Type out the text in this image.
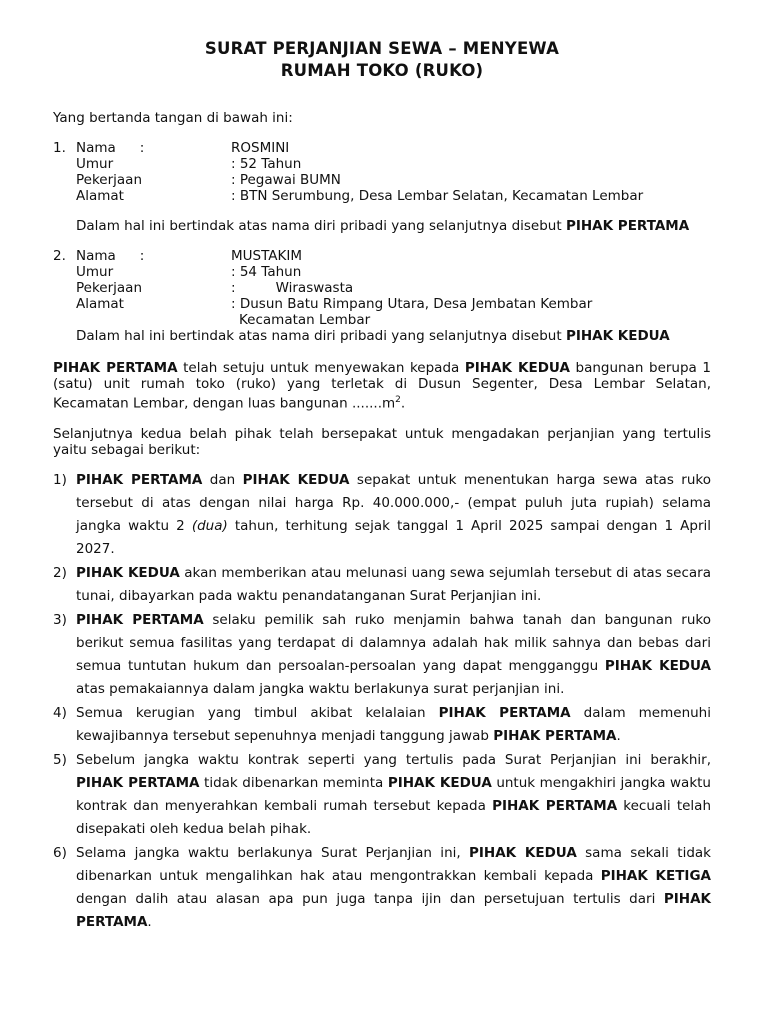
SURAT PERJANJIAN SEWA – MENYEWA
RUMAH TOKO (RUKO)

Yang bertanda tangan di bawah ini:

1. Nama :	ROSMINI
Umur	: 52 Tahun
Pekerjaan	: Pegawai BUMN
Alamat	: BTN Serumbung, Desa Lembar Selatan, Kecamatan Lembar

Dalam hal ini bertindak atas nama diri pribadi yang selanjutnya disebut PIHAK PERTAMA

2. Nama :	MUSTAKIM
Umur	: 54 Tahun
Pekerjaan	:	Wiraswasta
Alamat	: Dusun Batu Rimpang Utara, Desa Jembatan Kembar
Kecamatan Lembar

Dalam hal ini bertindak atas nama diri pribadi yang selanjutnya disebut PIHAK KEDUA

PIHAK PERTAMA telah setuju untuk menyewakan kepada PIHAK KEDUA bangunan berupa 1 (satu) unit rumah toko (ruko) yang terletak di Dusun Segenter, Desa Lembar Selatan, Kecamatan Lembar, dengan luas bangunan $.......m^2$.

Selanjutnya kedua belah pihak telah bersepakat untuk mengadakan perjanjian yang tertulis yaitu sebagai berikut:

1) PIHAK PERTAMA dan PIHAK KEDUA sepakat untuk menentukan harga sewa atas ruko tersebut di atas dengan nilai harga Rp. 40.000.000,- (empat puluh juta rupiah) selama jangka waktu 2 (dua) tahun, terhitung sejak tanggal 1 April 2025 sampai dengan 1 April 2027.
2) PIHAK KEDUA akan memberikan atau melunasi uang sewa sejumlah tersebut di atas secara tunai, dibayarkan pada waktu penandatanganan Surat Perjanjian ini.
3) PIHAK PERTAMA selaku pemilik sah ruko menjamin bahwa tanah dan bangunan ruko berikut semua fasilitas yang terdapat di dalamnya adalah hak milik sahnya dan bebas dari semua tuntutan hukum dan persoalan-persoalan yang dapat mengganggu PIHAK KEDUA atas pemakaiannya dalam jangka waktu berlakunya surat perjanjian ini.
4) Semua kerugian yang timbul akibat kelalaian PIHAK PERTAMA dalam memenuhi kewajibannya tersebut sepenuhnya menjadi tanggung jawab PIHAK PERTAMA.
5) Sebelum jangka waktu kontrak seperti yang tertulis pada Surat Perjanjian ini berakhir, PIHAK PERTAMA tidak dibenarkan meminta PIHAK KEDUA untuk mengakhiri jangka waktu kontrak dan menyerahkan kembali rumah tersebut kepada PIHAK PERTAMA kecuali telah disepakati oleh kedua belah pihak.
6) Selama jangka waktu berlakunya Surat Perjanjian ini, PIHAK KEDUA sama sekali tidak dibenarkan untuk mengalihkan hak atau mengontrakkan kembali kepada PIHAK KETIGA dengan dalih atau alasan apa pun juga tanpa ijin dan persetujuan tertulis dari PIHAK PERTAMA.
